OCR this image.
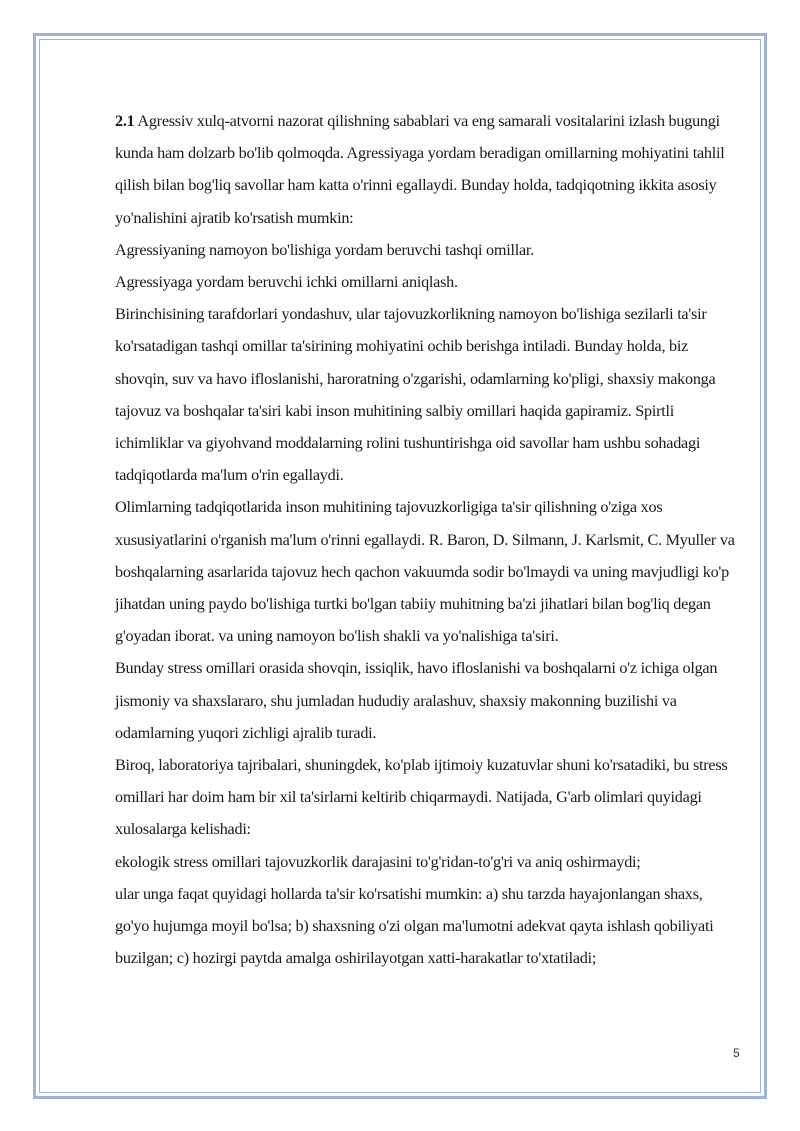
2.1 Agressiv xulq-atvorni nazorat qilishning sabablari va eng samarali vositalarini izlash bugungi kunda ham dolzarb bo'lib qolmoqda. Agressiyaga yordam beradigan omillarning mohiyatini tahlil qilish bilan bog'liq savollar ham katta o'rinni egallaydi. Bunday holda, tadqiqotning ikkita asosiy yo'nalishini ajratib ko'rsatish mumkin:

Agressiyaning namoyon bo'lishiga yordam beruvchi tashqi omillar.

Agressiyaga yordam beruvchi ichki omillarni aniqlash.

Birinchisining tarafdorlari yondashuv, ular tajovuzkorlikning namoyon bo'lishiga sezilarli ta'sir ko'rsatadigan tashqi omillar ta'sirining mohiyatini ochib berishga intiladi. Bunday holda, biz shovqin, suv va havo ifloslanishi, haroratning o'zgarishi, odamlarning ko'pligi, shaxsiy makonga tajovuz va boshqalar ta'siri kabi inson muhitining salbiy omillari haqida gapiramiz. Spirtli ichimliklar va giyohvand moddalarning rolini tushuntirishga oid savollar ham ushbu sohadagi tadqiqotlarda ma'lum o'rin egallaydi.

Olimlarning tadqiqotlarida inson muhitining tajovuzkorligiga ta'sir qilishning o'ziga xos xususiyatlarini o'rganish ma'lum o'rinni egallaydi. R. Baron, D. Silmann, J. Karlsmit, C. Myuller va boshqalarning asarlarida tajovuz hech qachon vakuumda sodir bo'lmaydi va uning mavjudligi ko'p jihatdan uning paydo bo'lishiga turtki bo'lgan tabiiy muhitning ba'zi jihatlari bilan bog'liq degan g'oyadan iborat. va uning namoyon bo'lish shakli va yo'nalishiga ta'siri.

Bunday stress omillari orasida shovqin, issiqlik, havo ifloslanishi va boshqalarni o'z ichiga olgan jismoniy va shaxslararo, shu jumladan hududiy aralashuv, shaxsiy makonning buzilishi va odamlarning yuqori zichligi ajralib turadi.

Biroq, laboratoriya tajribalari, shuningdek, ko'plab ijtimoiy kuzatuvlar shuni ko'rsatadiki, bu stress omillari har doim ham bir xil ta'sirlarni keltirib chiqarmaydi. Natijada, G'arb olimlari quyidagi xulosalarga kelishadi:

ekologik stress omillari tajovuzkorlik darajasini to'g'ridan-to'g'ri va aniq oshirmaydi;

ular unga faqat quyidagi hollarda ta'sir ko'rsatishi mumkin: a) shu tarzda hayajonlangan shaxs, go'yo hujumga moyil bo'lsa; b) shaxsning o'zi olgan ma'lumotni adekvat qayta ishlash qobiliyati buzilgan; c) hozirgi paytda amalga oshirilayotgan xatti-harakatlar to'xtatiladi;

5
